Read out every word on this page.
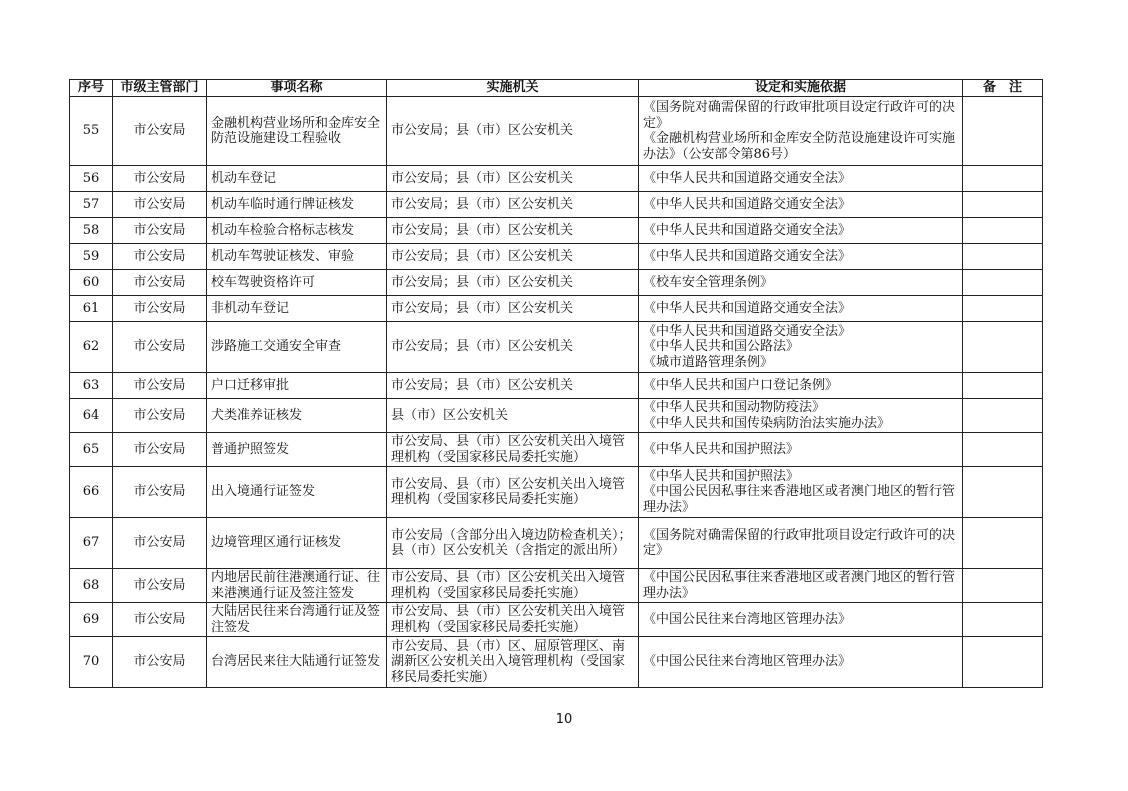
序号	市级主管部门	事项名称	实施机关	设定和实施依据	备　注
55	市公安局	金融机构营业场所和金库安全防范设施建设工程验收	市公安局；县（市）区公安机关	《国务院对确需保留的行政审批项目设定行政许可的决定》
《金融机构营业场所和金库安全防范设施建设许可实施办法》（公安部令第86号）	

56	市公安局	机动车登记	市公安局；县（市）区公安机关	《中华人民共和国道路交通安全法》	

57	市公安局	机动车临时通行牌证核发	市公安局；县（市）区公安机关	《中华人民共和国道路交通安全法》	

58	市公安局	机动车检验合格标志核发	市公安局；县（市）区公安机关	《中华人民共和国道路交通安全法》	

59	市公安局	机动车驾驶证核发、审验	市公安局；县（市）区公安机关	《中华人民共和国道路交通安全法》	

60	市公安局	校车驾驶资格许可	市公安局；县（市）区公安机关	《校车安全管理条例》	

61	市公安局	非机动车登记	市公安局；县（市）区公安机关	《中华人民共和国道路交通安全法》	

62	市公安局	涉路施工交通安全审查	市公安局；县（市）区公安机关	《中华人民共和国道路交通安全法》
《中华人民共和国公路法》
《城市道路管理条例》	

63	市公安局	户口迁移审批	市公安局；县（市）区公安机关	《中华人民共和国户口登记条例》	

64	市公安局	犬类准养证核发	县（市）区公安机关	《中华人民共和国动物防疫法》
《中华人民共和国传染病防治法实施办法》	

65	市公安局	普通护照签发	市公安局、县（市）区公安机关出入境管理机构（受国家移民局委托实施）	《中华人民共和国护照法》	

66	市公安局	出入境通行证签发	市公安局、县（市）区公安机关出入境管理机构（受国家移民局委托实施）	《中华人民共和国护照法》
《中国公民因私事往来香港地区或者澳门地区的暂行管理办法》	

67	市公安局	边境管理区通行证核发	市公安局（含部分出入境边防检查机关）；县（市）区公安机关（含指定的派出所）	《国务院对确需保留的行政审批项目设定行政许可的决定》	

68	市公安局	内地居民前往港澳通行证、往来港澳通行证及签注签发	市公安局、县（市）区公安机关出入境管理机构（受国家移民局委托实施）	《中国公民因私事往来香港地区或者澳门地区的暂行管理办法》	

69	市公安局	大陆居民往来台湾通行证及签注签发	市公安局、县（市）区公安机关出入境管理机构（受国家移民局委托实施）	《中国公民往来台湾地区管理办法》	

70	市公安局	台湾居民来往大陆通行证签发	市公安局、县（市）区、屈原管理区、南湖新区公安机关出入境管理机构（受国家移民局委托实施）	《中国公民往来台湾地区管理办法》	

10
